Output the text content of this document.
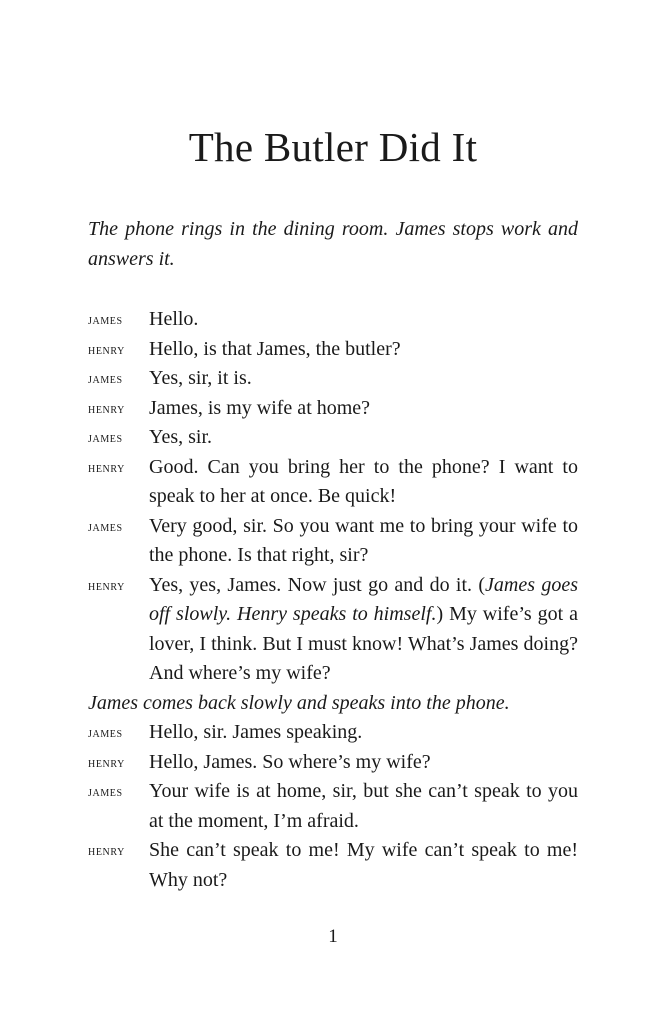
The Butler Did It

The phone rings in the dining room. James stops work and answers it.

james	Hello.
henry	Hello, is that James, the butler?
james	Yes, sir, it is.
henry	James, is my wife at home?
james	Yes, sir.
henry	Good. Can you bring her to the phone? I want to speak to her at once. Be quick!
james	Very good, sir. So you want me to bring your wife to the phone. Is that right, sir?
henry	Yes, yes, James. Now just go and do it. (James goes off slowly. Henry speaks to himself.) My wife’s got a lover, I think. But I must know! What’s James doing? And where’s my wife?
James comes back slowly and speaks into the phone.
james	Hello, sir. James speaking.
henry	Hello, James. So where’s my wife?
james	Your wife is at home, sir, but she can’t speak to you at the moment, I’m afraid.
henry	She can’t speak to me! My wife can’t speak to me! Why not?
1
